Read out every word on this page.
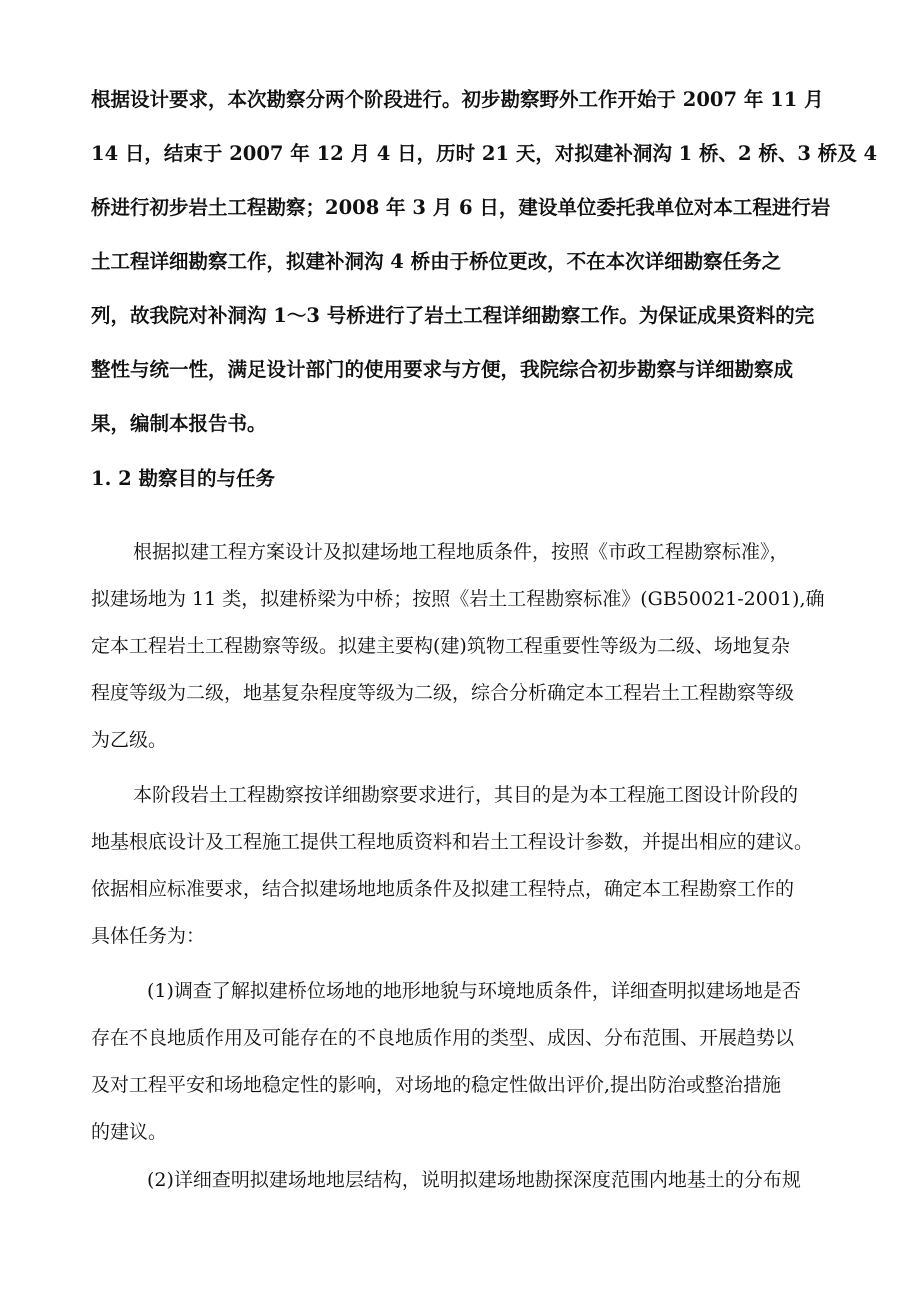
根据设计要求，本次勘察分两个阶段进行。初步勘察野外工作开始于 2007 年 11 月
14 日，结束于 2007 年 12 月 4 日，历时 21 天，对拟建补洞沟 1 桥、2 桥、3 桥及 4
桥进行初步岩土工程勘察；2008 年 3 月 6 日，建设单位委托我单位对本工程进行岩
土工程详细勘察工作，拟建补洞沟 4 桥由于桥位更改，不在本次详细勘察任务之
列，故我院对补洞沟 1～3 号桥进行了岩土工程详细勘察工作。为保证成果资料的完
整性与统一性，满足设计部门的使用要求与方便，我院综合初步勘察与详细勘察成
果，编制本报告书。
1. 2 勘察目的与任务
根据拟建工程方案设计及拟建场地工程地质条件，按照《市政工程勘察标准》，
拟建场地为 11 类，拟建桥梁为中桥；按照《岩土工程勘察标准》(GB50021-2001),确
定本工程岩土工程勘察等级。拟建主要构(建)筑物工程重要性等级为二级、场地复杂
程度等级为二级，地基复杂程度等级为二级，综合分析确定本工程岩土工程勘察等级
为乙级。
本阶段岩土工程勘察按详细勘察要求进行，其目的是为本工程施工图设计阶段的
地基根底设计及工程施工提供工程地质资料和岩土工程设计参数，并提出相应的建议。
依据相应标准要求，结合拟建场地地质条件及拟建工程特点，确定本工程勘察工作的
具体任务为：
(1)调查了解拟建桥位场地的地形地貌与环境地质条件，详细查明拟建场地是否
存在不良地质作用及可能存在的不良地质作用的类型、成因、分布范围、开展趋势以
及对工程平安和场地稳定性的影响，对场地的稳定性做出评价,提出防治或整治措施
的建议。
(2)详细查明拟建场地地层结构，说明拟建场地勘探深度范围内地基土的分布规
